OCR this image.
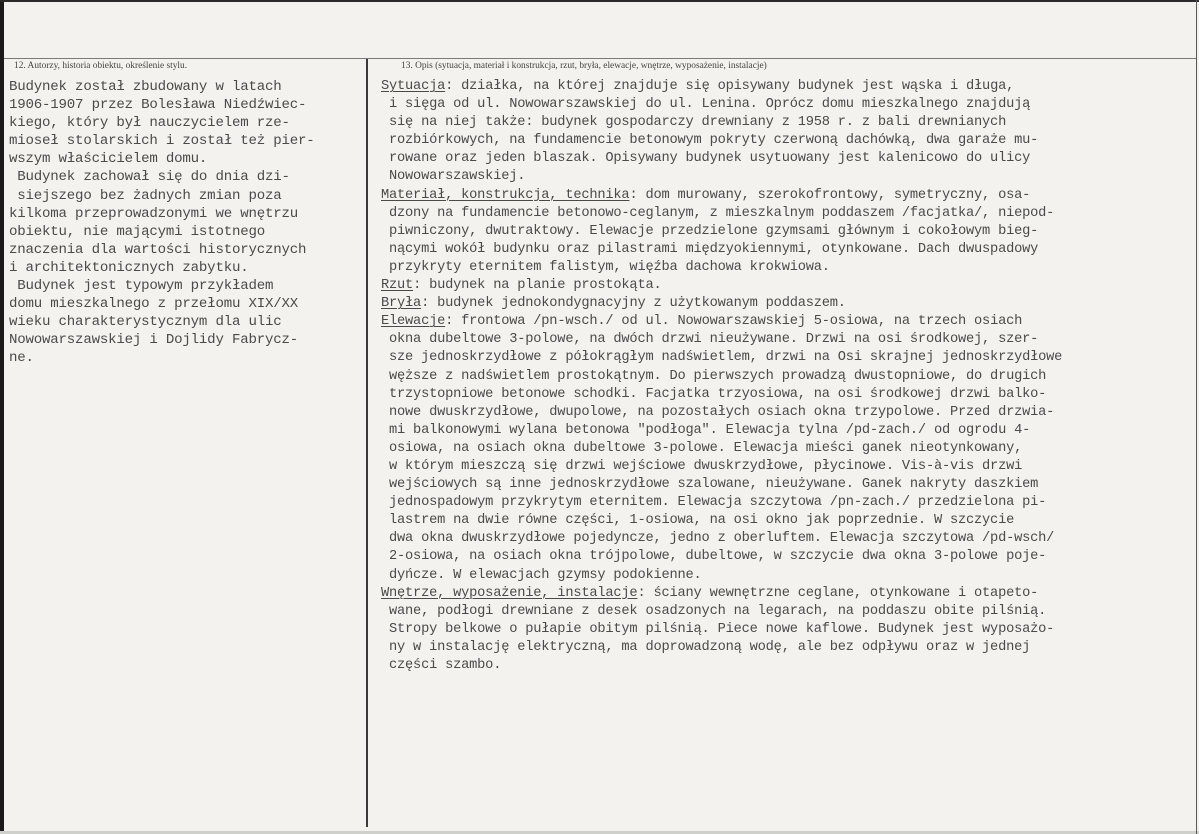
12. Autorzy, historia obiektu, określenie stylu.	13. Opis (sytuacja, materiał i konstrukcja, rzut, bryła, elewacje, wnętrze, wyposażenie, instalacje)
Budynek został zbudowany w latach
1906-1907 przez Bolesława Niedźwiec-
kiego, który był nauczycielem rze-
mioseł stolarskich i został też pier-
wszym właścicielem domu.
Budynek zachował się do dnia dzi-
siejszego bez żadnych zmian poza
kilkoma przeprowadzonymi we wnętrzu
obiektu, nie mającymi istotnego
znaczenia dla wartości historycznych
i architektonicznych zabytku.
Budynek jest typowym przykładem
domu mieszkalnego z przełomu XIX/XX
wieku charakterystycznym dla ulic
Nowowarszawskiej i Dojlidy Fabrycz-
ne.
Sytuacja: działka, na której znajduje się opisywany budynek jest wąska i długa,
i sięga od ul. Nowowarszawskiej do ul. Lenina. Oprócz domu mieszkalnego znajdują
się na niej także: budynek gospodarczy drewniany z 1958 r. z bali drewnianych
rozbiórkowych, na fundamencie betonowym pokryty czerwoną dachówką, dwa garaże mu-
rowane oraz jeden blaszak. Opisywany budynek usytuowany jest kalenicowo do ulicy
Nowowarszawskiej.
Materiał, konstrukcja, technika: dom murowany, szerokofrontowy, symetryczny, osa-
dzony na fundamencie betonowo-ceglanym, z mieszkalnym poddaszem /facjatka/, niepod-
piwniczony, dwutraktowy. Elewacje przedzielone gzymsami głównym i cokołowym bieg-
nącymi wokół budynku oraz pilastrami międzyokiennymi, otynkowane. Dach dwuspadowy
przykryty eternitem falistym, więźba dachowa krokwiowa.
Rzut: budynek na planie prostokąta.
Bryła: budynek jednokondygnacyjny z użytkowanym poddaszem.
Elewacje: frontowa /pn-wsch./ od ul. Nowowarszawskiej 5-osiowa, na trzech osiach
okna dubeltowe 3-polowe, na dwóch drzwi nieużywane. Drzwi na osi środkowej, szer-
sze jednoskrzydłowe z półokrągłym nadświetlem, drzwi na Osi skrajnej jednoskrzydłowe
węższe z nadświetlem prostokątnym. Do pierwszych prowadzą dwustopniowe, do drugich
trzystopniowe betonowe schodki. Facjatka trzyosiowa, na osi środkowej drzwi balko-
nowe dwuskrzydłowe, dwupolowe, na pozostałych osiach okna trzypolowe. Przed drzwia-
mi balkonowymi wylana betonowa "podłoga". Elewacja tylna /pd-zach./ od ogrodu 4-
osiowa, na osiach okna dubeltowe 3-polowe. Elewacja mieści ganek nieotynkowany,
w którym mieszczą się drzwi wejściowe dwuskrzydłowe, płycinowe. Vis-à-vis drzwi
wejściowych są inne jednoskrzydłowe szalowane, nieużywane. Ganek nakryty daszkiem
jednospadowym przykrytym eternitem. Elewacja szczytowa /pn-zach./ przedzielona pi-
lastrem na dwie równe części, 1-osiowa, na osi okno jak poprzednie. W szczycie
dwa okna dwuskrzydłowe pojedyncze, jedno z oberluftem. Elewacja szczytowa /pd-wsch/
2-osiowa, na osiach okna trójpolowe, dubeltowe, w szczycie dwa okna 3-polowe poje-
dyńcze. W elewacjach gzymsy podokienne.
Wnętrze, wyposażenie, instalacje: ściany wewnętrzne ceglane, otynkowane i otapeto-
wane, podłogi drewniane z desek osadzonych na legarach, na poddaszu obite pilśnią.
Stropy belkowe o pułapie obitym pilśnią. Piece nowe kaflowe. Budynek jest wyposażo-
ny w instalację elektryczną, ma doprowadzoną wodę, ale bez odpływu oraz w jednej
części szambo.
